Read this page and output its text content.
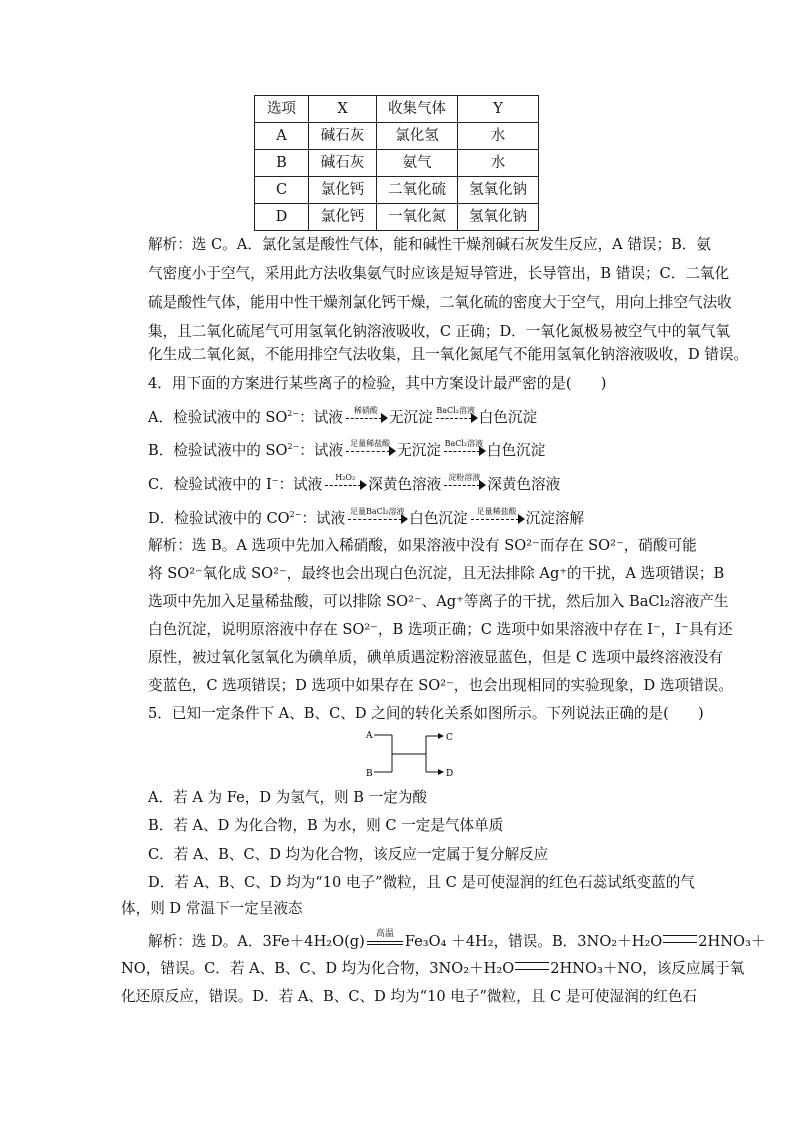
选项	X	收集气体	Y
A	碱石灰	氯化氢	水
B	碱石灰	氨气	水
C	氯化钙	二氧化硫	氢氧化钠
D	氯化钙	一氧化氮	氢氧化钠
解析：选 C。A．氯化氢是酸性气体，能和碱性干燥剂碱石灰发生反应，A 错误；B．氨
气密度小于空气，采用此方法收集氨气时应该是短导管进，长导管出，B 错误；C．二氧化
硫是酸性气体，能用中性干燥剂氯化钙干燥，二氧化硫的密度大于空气，用向上排空气法收
集，且二氧化硫尾气可用氢氧化钠溶液吸收，C 正确；D．一氧化氮极易被空气中的氧气氧
化生成二氧化氮，不能用排空气法收集，且一氧化氮尾气不能用氢氧化钠溶液吸收，D 错误。
4．用下面的方案进行某些离子的检验，其中方案设计最严密的是(　　)
A．检验试液中的 $SO^{2-}$：试液	稀硝酸 无沉淀 BaCl₂溶液 白色沉淀
B．检验试液中的 $SO^{2-}$：试液 足量稀盐酸 无沉淀 BaCl₂溶液 白色沉淀
C．检验试液中的 I−：试液	H₂O₂ 深黄色溶液 淀粉溶液 深黄色溶液
D．检验试液中的 $CO^{2-}$：试液 足量BaCl₂溶液 白色沉淀	足量稀盐酸 沉淀溶解
解析：选 B。A 选项中先加入稀硝酸，如果溶液中没有 SO²⁻而存在 SO²⁻，硝酸可能
将 SO²⁻氧化成 SO²⁻，最终也会出现白色沉淀，且无法排除 Ag⁺的干扰，A 选项错误；B
选项中先加入足量稀盐酸，可以排除 SO²⁻、Ag⁺等离子的干扰，然后加入 BaCl₂溶液产生
白色沉淀，说明原溶液中存在 SO²⁻，B 选项正确；C 选项中如果溶液中存在 I⁻，I⁻具有还
原性，被过氧化氢氧化为碘单质，碘单质遇淀粉溶液显蓝色，但是 C 选项中最终溶液没有
变蓝色，C 选项错误；D 选项中如果存在 SO²⁻，也会出现相同的实验现象，D 选项错误。
5．已知一定条件下 A、B、C、D 之间的转化关系如图所示。下列说法正确的是(　　)
A
B
C
D
A．若 A 为 Fe，D 为氢气，则 B 一定为酸
B．若 A、D 为化合物，B 为水，则 C 一定是气体单质
C．若 A、B、C、D 均为化合物，该反应一定属于复分解反应
D．若 A、B、C、D 均为“10 电子”微粒，且 C 是可使湿润的红色石蕊试纸变蓝的气
体，则 D 常温下一定呈液态
解析：选 D。A．3Fe＋4H₂O(g)	高温 Fe₃O₄ ＋4H₂，错误。B．3NO₂＋H₂O 2HNO₃＋
NO，错误。C．若 A、B、C、D 均为化合物，3NO₂＋H₂O 2HNO₃＋NO，该反应属于氧
化还原反应，错误。D．若 A、B、C、D 均为“10 电子”微粒，且 C 是可使湿润的红色石
